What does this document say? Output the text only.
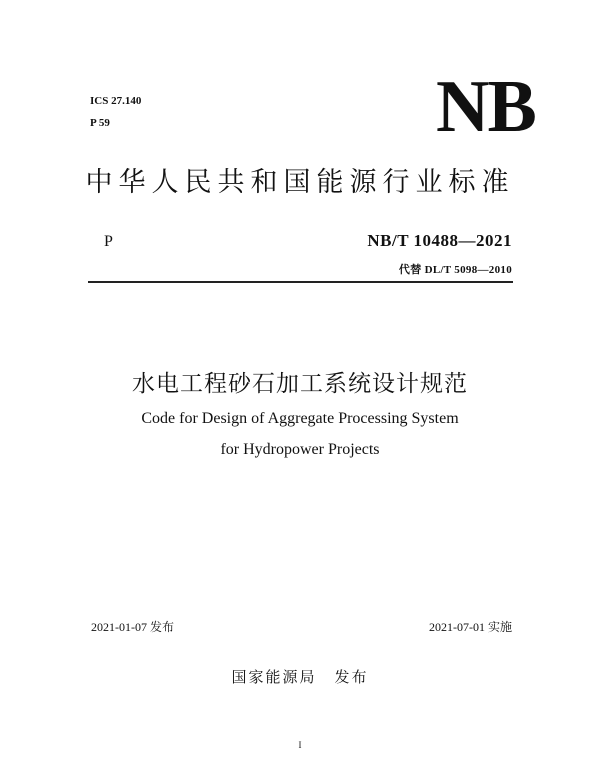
ICS 27.140
P 59	NB
中华人民共和国能源行业标准
P	NB/T 10488—2021
代替 DL/T 5098—2010
水电工程砂石加工系统设计规范
Code for Design of Aggregate Processing System
for Hydropower Projects
2021-01-07 发布	2021-07-01 实施
国家能源局 发布
I
